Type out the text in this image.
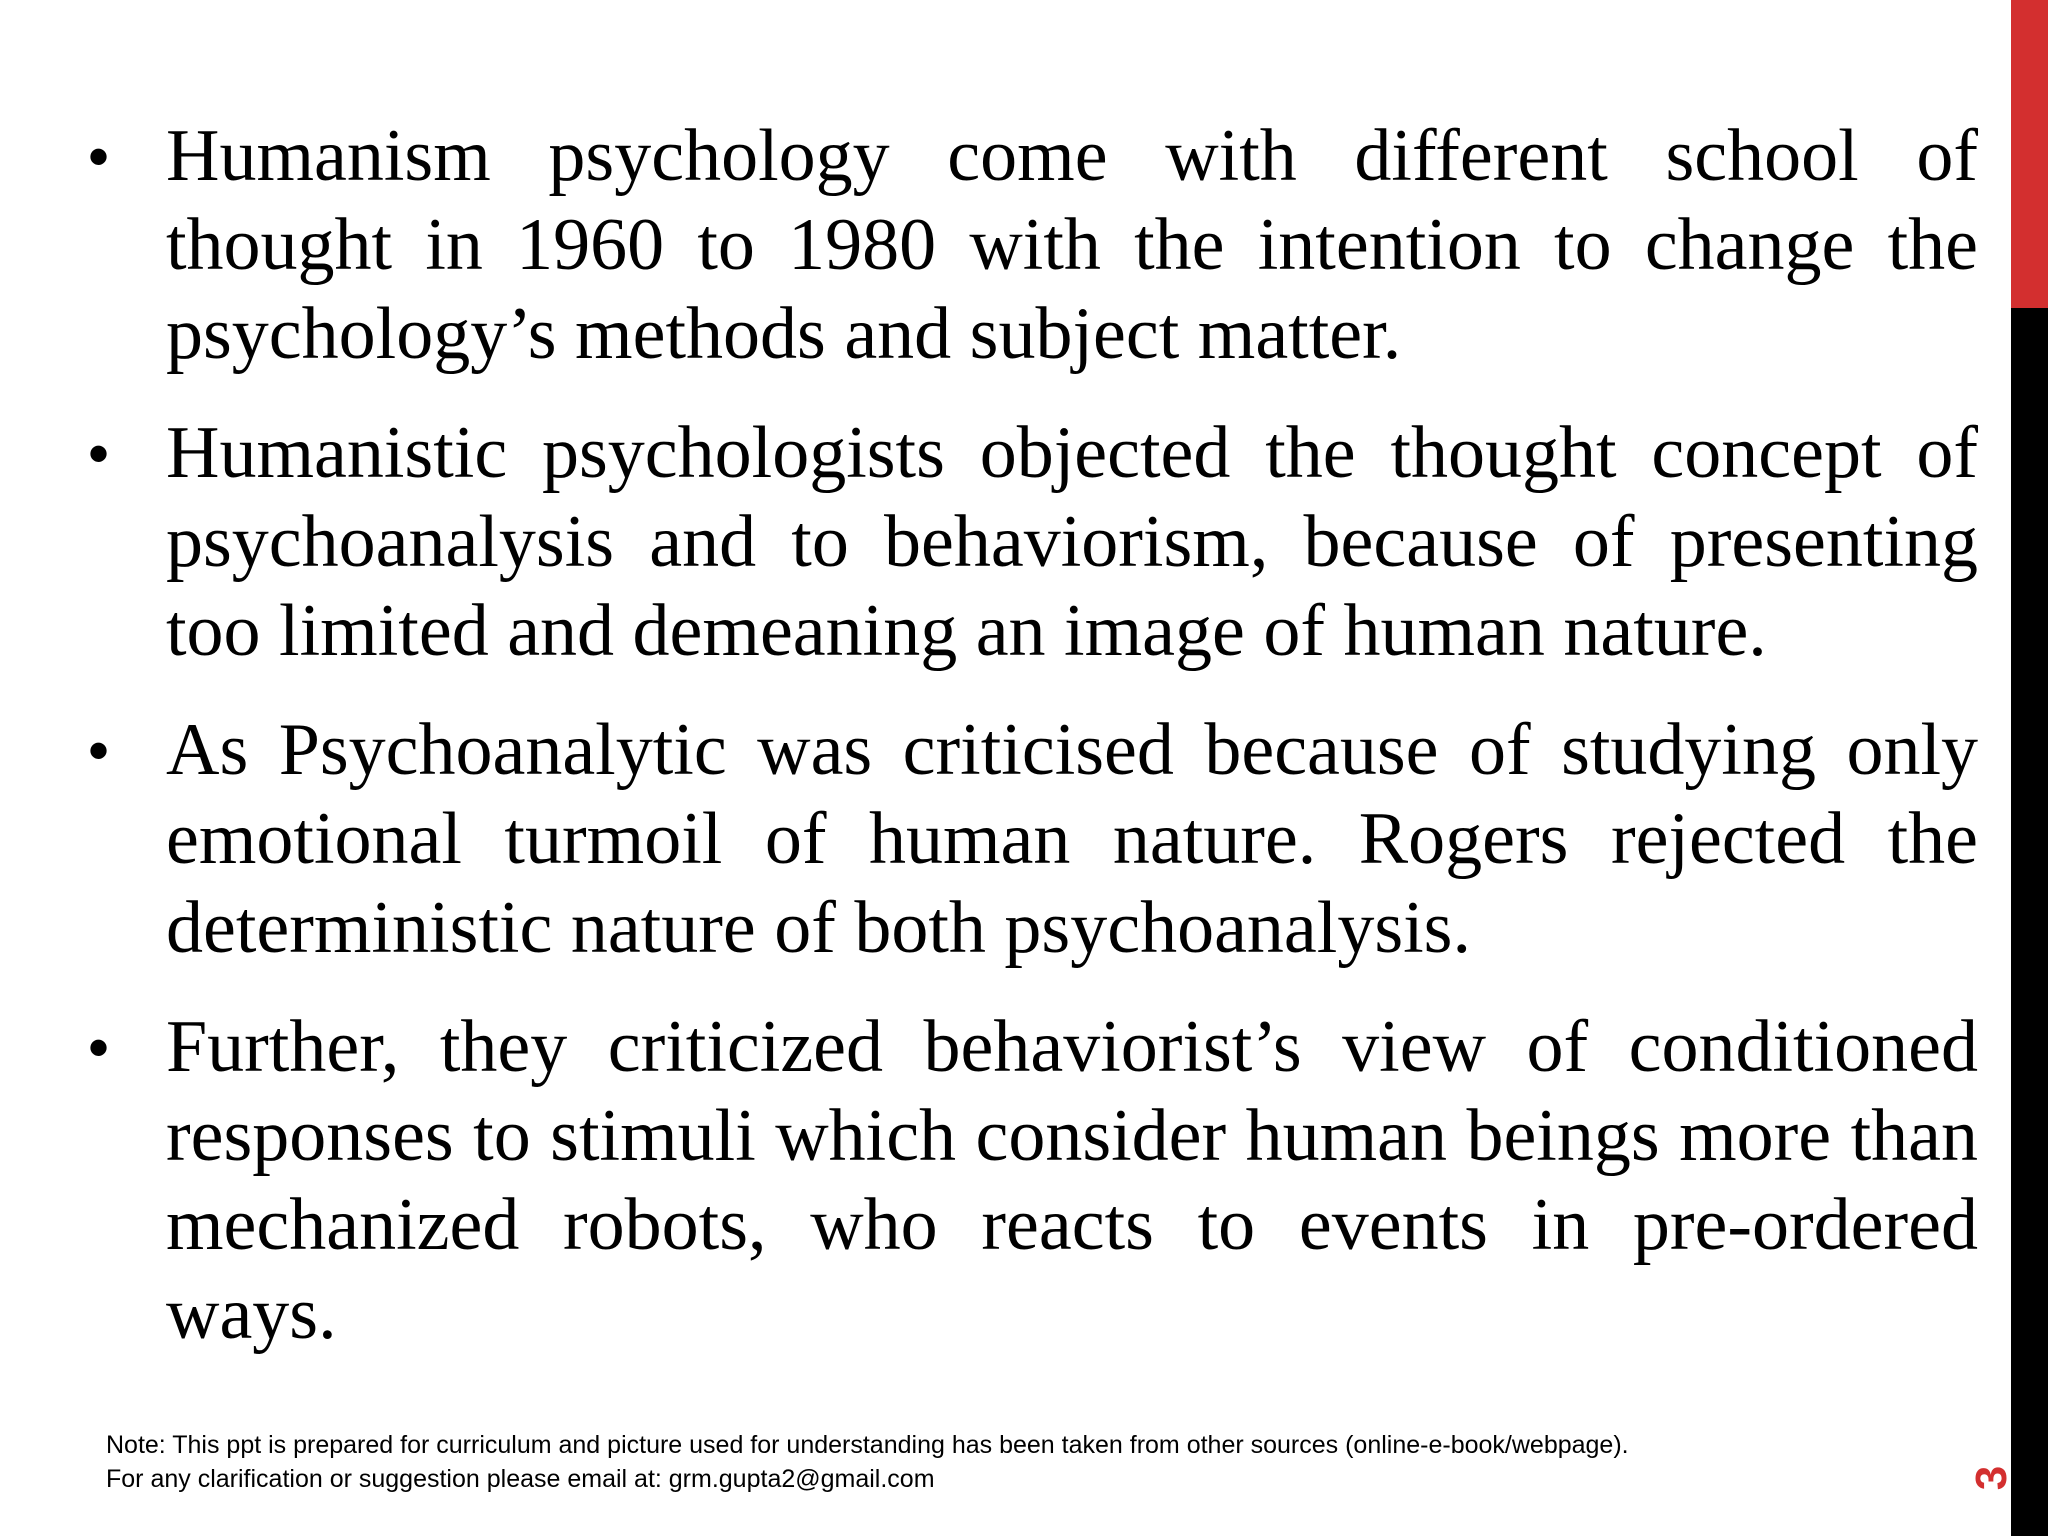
• Humanism psychology come with different school of thought in 1960 to 1980 with the intention to change the psychology’s methods and subject matter.
• Humanistic psychologists objected the thought concept of psychoanalysis and to behaviorism, because of presenting too limited and demeaning an image of human nature.
• As Psychoanalytic was criticised because of studying only emotional turmoil of human nature. Rogers rejected the deterministic nature of both psychoanalysis.
• Further, they criticized behaviorist’s view of conditioned responses to stimuli which consider human beings more than mechanized robots, who reacts to events in pre-ordered ways.
Note: This ppt is prepared for curriculum and picture used for understanding has been taken from other sources (online-e-book/webpage).
For any clarification or suggestion please email at: grm.gupta2@gmail.com	3
